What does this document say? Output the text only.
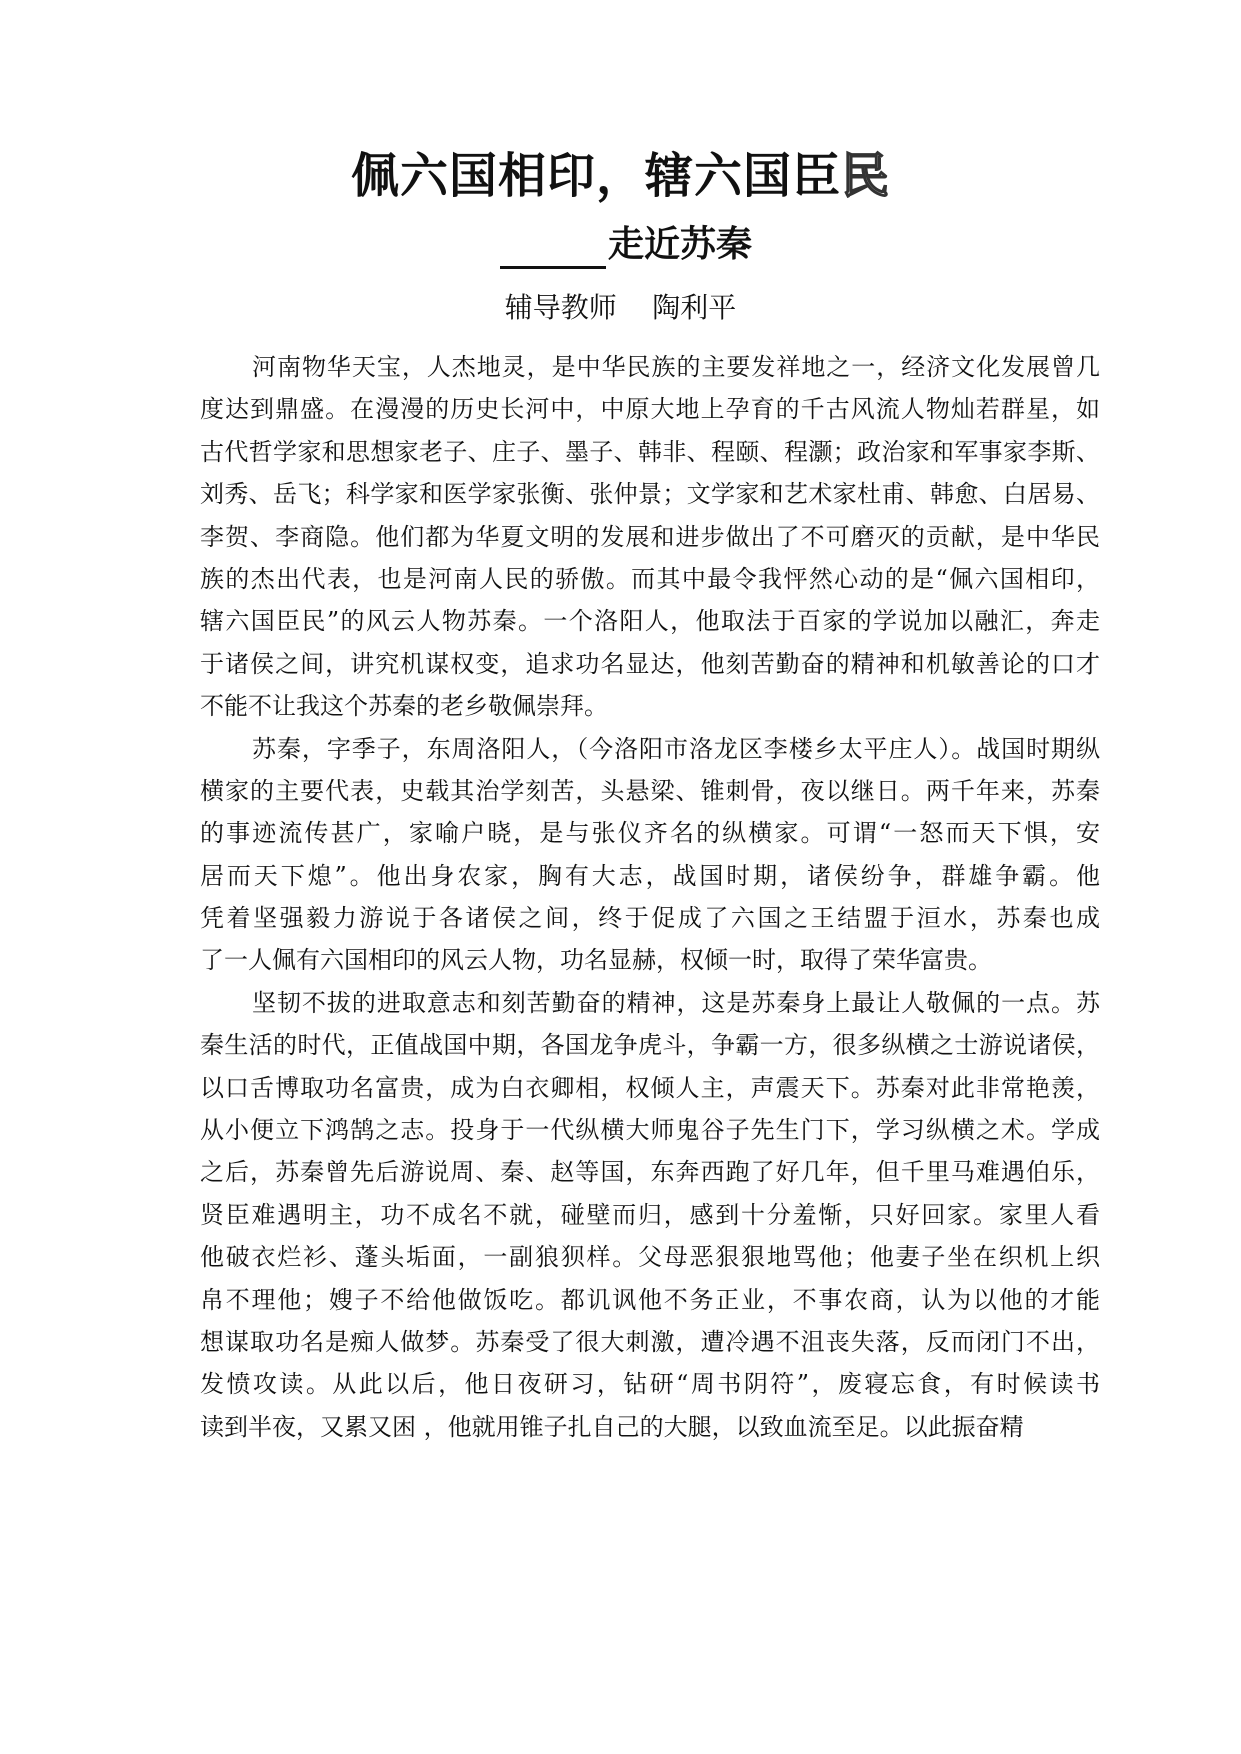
佩六国相印，辖六国臣民
走近苏秦
辅导教师    陶利平
河南物华天宝，人杰地灵，是中华民族的主要发祥地之一，经济文化发展曾几
度达到鼎盛。在漫漫的历史长河中，中原大地上孕育的千古风流人物灿若群星，如
古代哲学家和思想家老子、庄子、墨子、韩非、程颐、程灏；政治家和军事家李斯、
刘秀、岳飞；科学家和医学家张衡、张仲景；文学家和艺术家杜甫、韩愈、白居易、
李贺、李商隐。他们都为华夏文明的发展和进步做出了不可磨灭的贡献，是中华民
族的杰出代表，也是河南人民的骄傲。而其中最令我怦然心动的是“佩六国相印，
辖六国臣民”的风云人物苏秦。一个洛阳人，他取法于百家的学说加以融汇，奔走
于诸侯之间，讲究机谋权变，追求功名显达，他刻苦勤奋的精神和机敏善论的口才
不能不让我这个苏秦的老乡敬佩崇拜。
苏秦，字季子，东周洛阳人，（今洛阳市洛龙区李楼乡太平庄人）。战国时期纵
横家的主要代表，史载其治学刻苦，头悬梁、锥刺骨，夜以继日。两千年来，苏秦
的事迹流传甚广，家喻户晓，是与张仪齐名的纵横家。可谓“一怒而天下惧，安
居而天下熄”。他出身农家，胸有大志，战国时期，诸侯纷争，群雄争霸。他
凭着坚强毅力游说于各诸侯之间，终于促成了六国之王结盟于洹水，苏秦也成
了一人佩有六国相印的风云人物，功名显赫，权倾一时，取得了荣华富贵。
坚韧不拔的进取意志和刻苦勤奋的精神，这是苏秦身上最让人敬佩的一点。苏
秦生活的时代，正值战国中期，各国龙争虎斗，争霸一方，很多纵横之士游说诸侯，
以口舌博取功名富贵，成为白衣卿相，权倾人主，声震天下。苏秦对此非常艳羡，
从小便立下鸿鹄之志。投身于一代纵横大师鬼谷子先生门下，学习纵横之术。学成
之后，苏秦曾先后游说周、秦、赵等国，东奔西跑了好几年，但千里马难遇伯乐，
贤臣难遇明主，功不成名不就，碰壁而归，感到十分羞惭，只好回家。家里人看
他破衣烂衫、蓬头垢面，一副狼狈样。父母恶狠狠地骂他；他妻子坐在织机上织
帛不理他；嫂子不给他做饭吃。都讥讽他不务正业，不事农商，认为以他的才能
想谋取功名是痴人做梦。苏秦受了很大刺激，遭冷遇不沮丧失落，反而闭门不出，
发愤攻读。从此以后，他日夜研习，钻研“周书阴符”，废寝忘食，有时候读书
读到半夜，又累又困 ，他就用锥子扎自己的大腿，以致血流至足。以此振奋精
